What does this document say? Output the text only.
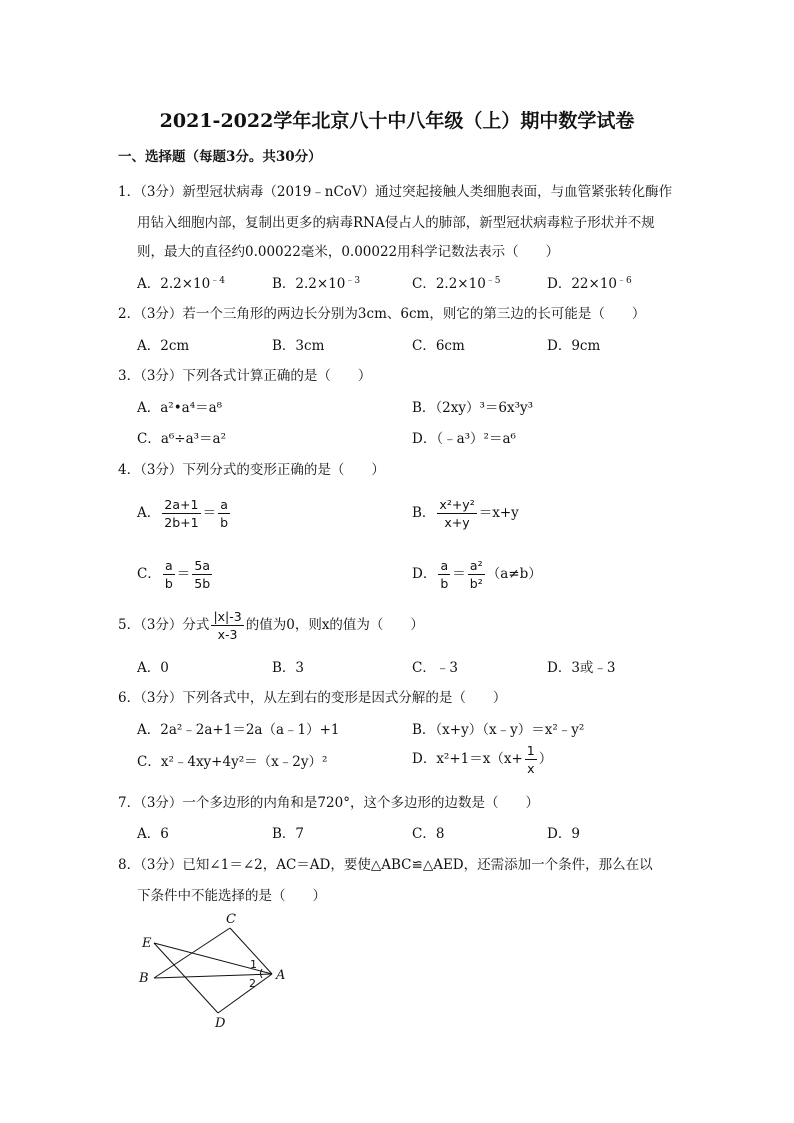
2021-2022学年北京八十中八年级（上）期中数学试卷
一、选择题（每题3分。共30分）
1．（3分）新型冠状病毒（2019﹣nCoV）通过突起接触人类细胞表面，与血管紧张转化酶作
用钻入细胞内部，复制出更多的病毒RNA侵占人的肺部，新型冠状病毒粒子形状并不规
则，最大的直径约0.00022毫米，0.00022用科学记数法表示（　　）
A．$2.2\times 10^{﹣4}$	B．$2.2\times 10^{﹣3}$	C．$2.2\times 10^{﹣5}$	D．$22\times 10^{﹣6}$
2．（3分）若一个三角形的两边长分别为3cm、6cm，则它的第三边的长可能是（　　）
A．2cm	B．3cm	C．6cm	D．9cm
3．（3分）下列各式计算正确的是（　　）
A．a²•a⁴＝a⁸	B．（2xy）³＝6x³y³
C．a⁶÷a³＝a²	D．（﹣a³）²＝a⁶
4．（3分）下列分式的变形正确的是（　　）
A． $\frac{2a+1}{2b+1} = \frac{a}{b}$	B． $\frac{\text{x²+y²}}{x+y} =x+y$
C． $\frac{a}{b} = \frac{5a}{5b}$	D． $\frac{a}{b} = \frac{\text{a²}}{\text{b²}} (a\ne b)$
5．（3分）分式 $\frac{|x|-3}{x-3}$ 的值为0，则x的值为（　　）
A．0	B．3	C．﹣3	D．3或﹣3
6．（3分）下列各式中，从左到右的变形是因式分解的是（　　）
A．2a²﹣2a+1＝2a（a﹣1）+1	B．（x+y）（x﹣y）＝x²﹣y²
C．x²﹣4xy+4y²＝（x﹣2y）²	D．$x^2+1=x(x+ \frac{1}{x}$ ）
7．（3分）一个多边形的内角和是720°，这个多边形的边数是（　　）
A．6	B．7	C．8	D．9
8．（3分）已知∠1＝∠2，AC＝AD，要使△ABC≌△AED，还需添加一个条件，那么在以
下条件中不能选择的是（　　）
C
E
B	A
D
1
2
